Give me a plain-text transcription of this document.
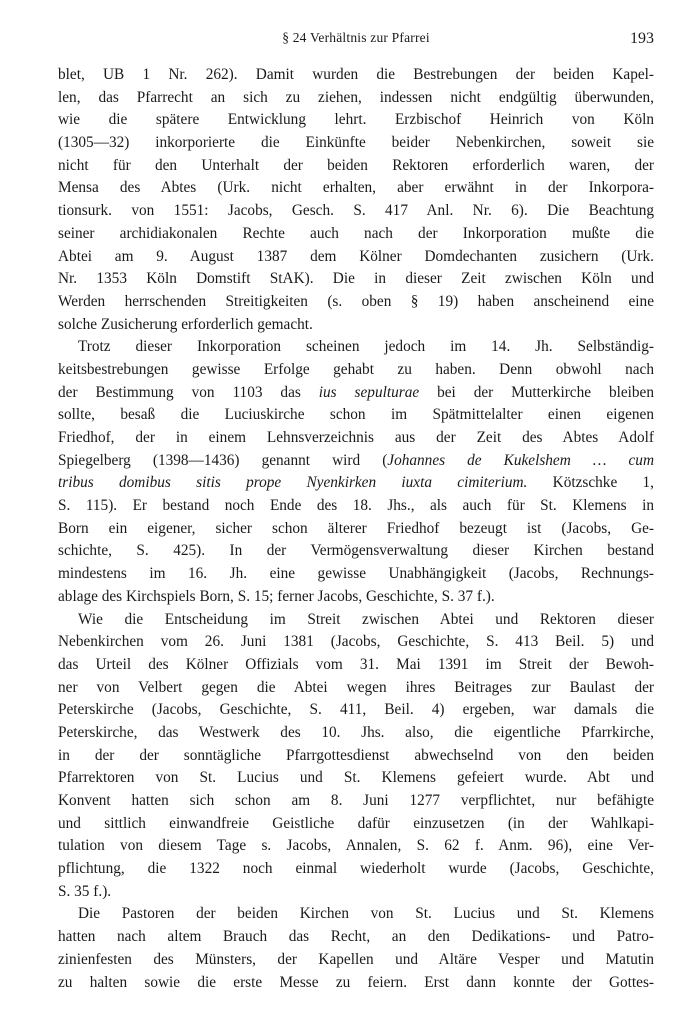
§ 24 Verhältnis zur Pfarrei	193
blet, UB 1 Nr. 262). Damit wurden die Bestrebungen der beiden Kapel-
len, das Pfarrecht an sich zu ziehen, indessen nicht endgültig überwunden,
wie die spätere Entwicklung lehrt. Erzbischof Heinrich von Köln
(1305—32) inkorporierte die Einkünfte beider Nebenkirchen, soweit sie
nicht für den Unterhalt der beiden Rektoren erforderlich waren, der
Mensa des Abtes (Urk. nicht erhalten, aber erwähnt in der Inkorpora-
tionsurk. von 1551: Jacobs, Gesch. S. 417 Anl. Nr. 6). Die Beachtung
seiner archidiakonalen Rechte auch nach der Inkorporation mußte die
Abtei am 9. August 1387 dem Kölner Domdechanten zusichern (Urk.
Nr. 1353 Köln Domstift StAK). Die in dieser Zeit zwischen Köln und
Werden herrschenden Streitigkeiten (s. oben § 19) haben anscheinend eine
solche Zusicherung erforderlich gemacht.
Trotz dieser Inkorporation scheinen jedoch im 14. Jh. Selbständig-
keitsbestrebungen gewisse Erfolge gehabt zu haben. Denn obwohl nach
der Bestimmung von 1103 das ius sepulturae bei der Mutterkirche bleiben
sollte, besaß die Luciuskirche schon im Spätmittelalter einen eigenen
Friedhof, der in einem Lehnsverzeichnis aus der Zeit des Abtes Adolf
Spiegelberg (1398—1436) genannt wird (Johannes de Kukelshem … cum
tribus domibus sitis prope Nyenkirken iuxta cimiterium. Kötzschke 1,
S. 115). Er bestand noch Ende des 18. Jhs., als auch für St. Klemens in
Born ein eigener, sicher schon älterer Friedhof bezeugt ist (Jacobs, Ge-
schichte, S. 425). In der Vermögensverwaltung dieser Kirchen bestand
mindestens im 16. Jh. eine gewisse Unabhängigkeit (Jacobs, Rechnungs-
ablage des Kirchspiels Born, S. 15; ferner Jacobs, Geschichte, S. 37 f.).
Wie die Entscheidung im Streit zwischen Abtei und Rektoren dieser
Nebenkirchen vom 26. Juni 1381 (Jacobs, Geschichte, S. 413 Beil. 5) und
das Urteil des Kölner Offizials vom 31. Mai 1391 im Streit der Bewoh-
ner von Velbert gegen die Abtei wegen ihres Beitrages zur Baulast der
Peterskirche (Jacobs, Geschichte, S. 411, Beil. 4) ergeben, war damals die
Peterskirche, das Westwerk des 10. Jhs. also, die eigentliche Pfarrkirche,
in der der sonntägliche Pfarrgottesdienst abwechselnd von den beiden
Pfarrektoren von St. Lucius und St. Klemens gefeiert wurde. Abt und
Konvent hatten sich schon am 8. Juni 1277 verpflichtet, nur befähigte
und sittlich einwandfreie Geistliche dafür einzusetzen (in der Wahlkapi-
tulation von diesem Tage s. Jacobs, Annalen, S. 62 f. Anm. 96), eine Ver-
pflichtung, die 1322 noch einmal wiederholt wurde (Jacobs, Geschichte,
S. 35 f.).
Die Pastoren der beiden Kirchen von St. Lucius und St. Klemens
hatten nach altem Brauch das Recht, an den Dedikations- und Patro-
zinienfesten des Münsters, der Kapellen und Altäre Vesper und Matutin
zu halten sowie die erste Messe zu feiern. Erst dann konnte der Gottes-
